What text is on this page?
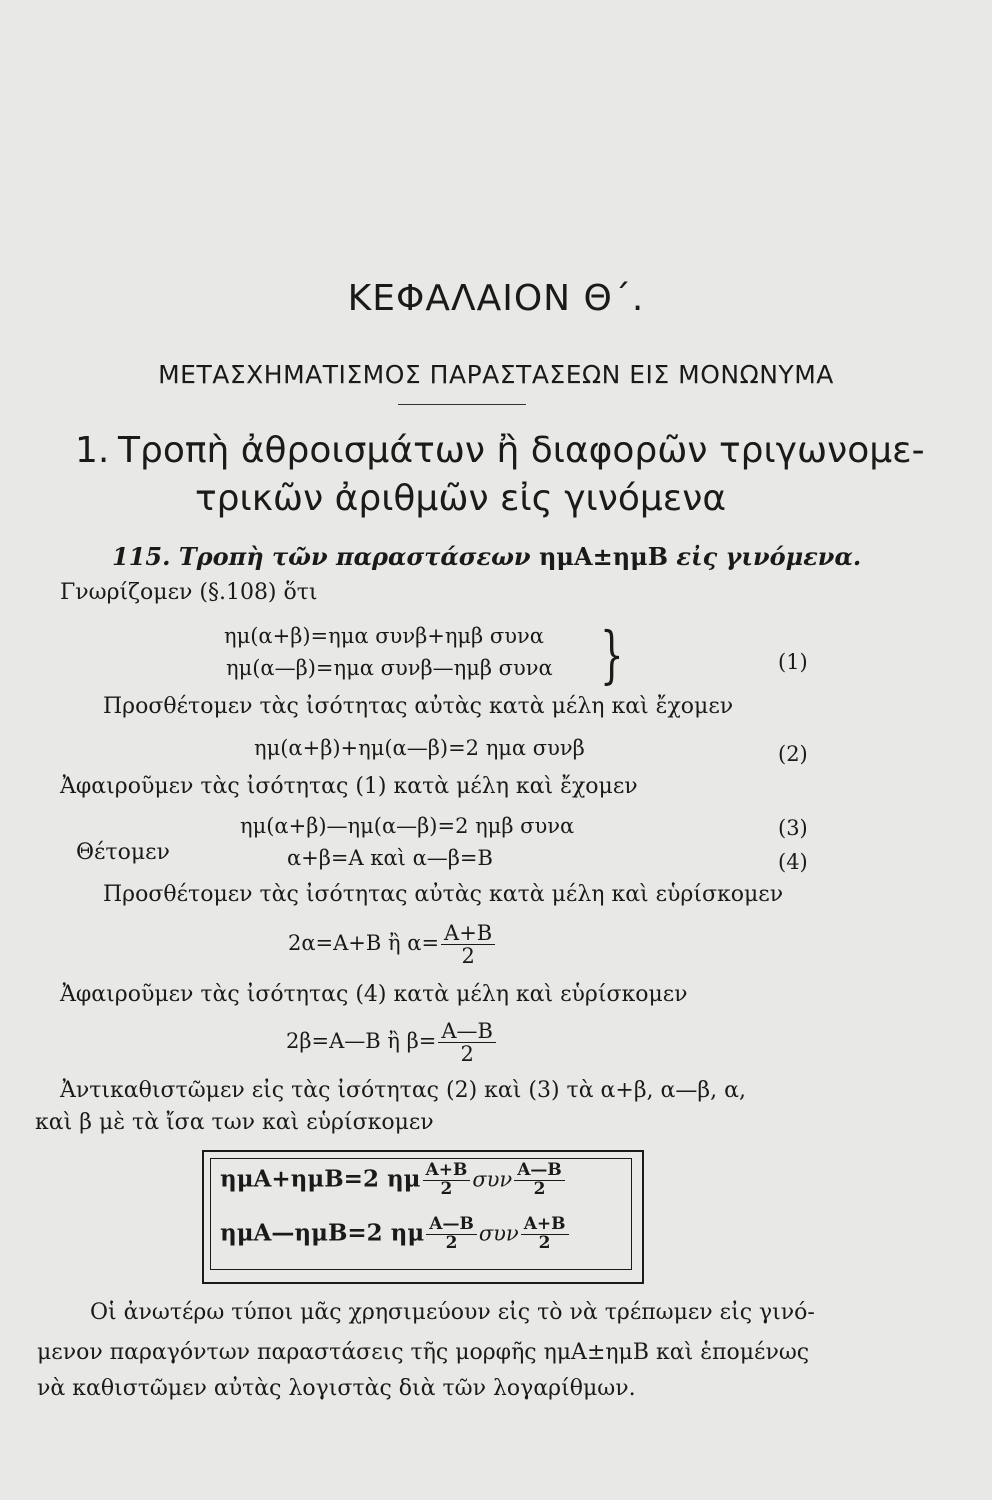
ΚΕΦΑΛΑΙΟΝ Θ΄.
ΜΕΤΑΣΧΗΜΑΤΙΣΜΟΣ ΠΑΡΑΣΤΑΣΕΩΝ ΕΙΣ ΜΟΝΩΝΥΜΑ
1. Τροπὴ ἀθροισμάτων ἢ διαφορῶν τριγωνομε-
τρικῶν ἀριθμῶν εἰς γινόμενα
115. Τροπὴ τῶν παραστάσεων ημΑ±ημΒ εἰς γινόμενα.
Γνωρίζομεν (§.108) ὅτι
ημ(α+β)=ημα συνβ+ημβ συνα
ημ(α—β)=ημα συνβ—ημβ συνα }	(1)
Προσθέτομεν τὰς ἰσότητας αὐτὰς κατὰ μέλη καὶ ἔχομεν
ημ(α+β)+ημ(α—β)=2 ημα συνβ	(2)
Ἀφαιροῦμεν τὰς ἰσότητας (1) κατὰ μέλη καὶ ἔχομεν
ημ(α+β)—ημ(α—β)=2 ημβ συνα	(3)
Θέτομεν	α+β=Α καὶ α—β=Β	(4)
Προσθέτομεν τὰς ἰσότητας αὐτὰς κατὰ μέλη καὶ εὑρίσκομεν
2α=Α+Β ἢ $\alpha= \frac{A+B}{2}$
Ἀφαιροῦμεν τὰς ἰσότητας (4) κατὰ μέλη καὶ εὑρίσκομεν
2β=Α—Β ἢ $\beta= \frac{A—B}{2}$
Ἀντικαθιστῶμεν εἰς τὰς ἰσότητας (2) καὶ (3) τὰ α+β, α—β, α,
καὶ β μὲ τὰ ἴσα των καὶ εὑρίσκομεν
ημΑ+ημΒ=2 ημ $\frac{A+B}{2}$ συν $\frac{A—B}{2}$
ημΑ—ημΒ=2 ημ $\frac{A—B}{2}$ συν $\frac{A+B}{2}$
Οἱ ἀνωτέρω τύποι μᾶς χρησιμεύουν εἰς τὸ νὰ τρέπωμεν εἰς γινό-
μενον παραγόντων παραστάσεις τῆς μορφῆς ημΑ±ημΒ καὶ ἑπομένως
νὰ καθιστῶμεν αὐτὰς λογιστὰς διὰ τῶν λογαρίθμων.
